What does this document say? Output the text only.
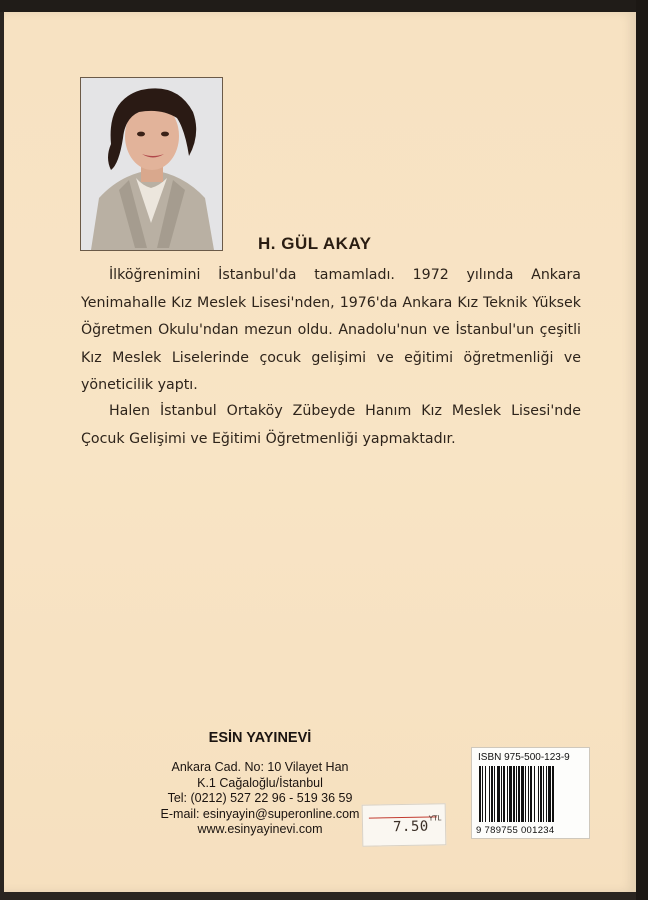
H. GÜL AKAY
İlköğrenimini İstanbul'da tamamladı. 1972 yılında Ankara Yenimahalle Kız Meslek Lisesi'nden, 1976'da Ankara Kız Teknik Yüksek Öğretmen Okulu'ndan mezun oldu. Anadolu'nun ve İstanbul'un çeşitli Kız Meslek Liselerinde çocuk gelişimi ve eğitimi öğretmenliği ve yöneticilik yaptı.
Halen İstanbul Ortaköy Zübeyde Hanım Kız Meslek Lisesi'nde Çocuk Gelişimi ve Eğitimi Öğretmenliği yapmaktadır.
ESİN YAYINEVİ
Ankara Cad. No: 10 Vilayet Han
K.1 Cağaloğlu/İstanbul
Tel: (0212) 527 22 96 - 519 36 59
E-mail: esinyayin@superonline.com
www.esinyayinevi.com	7.50
YTL
ISBN 975-500-123-9
9 789755 001234
